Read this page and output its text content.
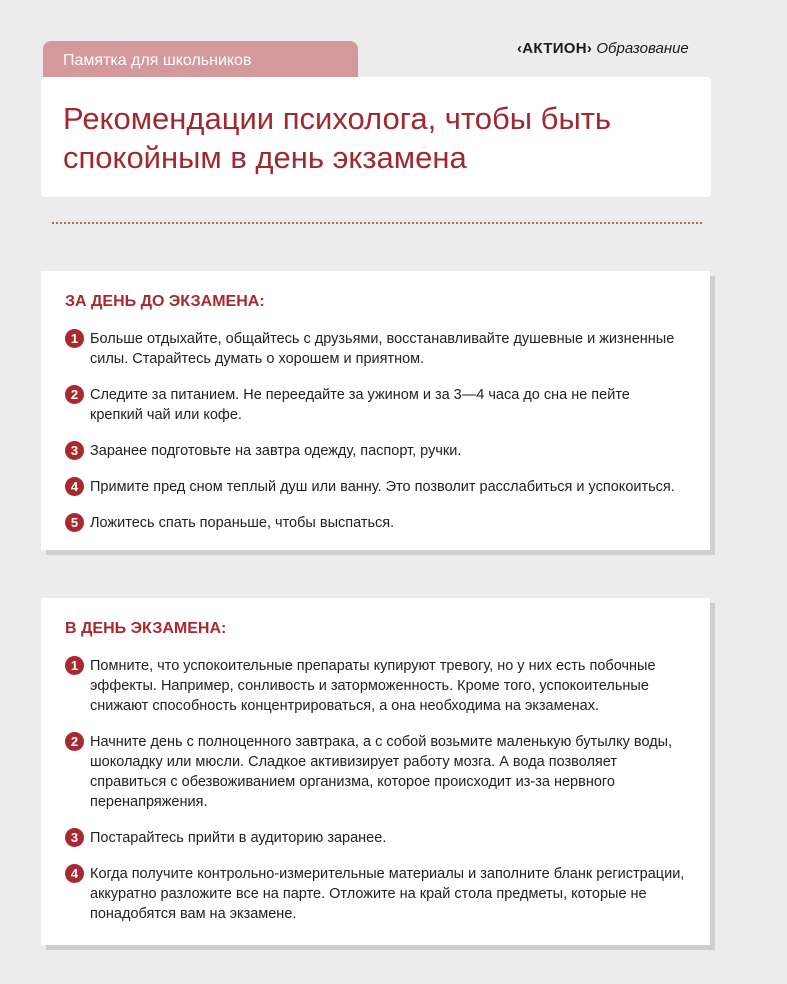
Памятка для школьников
‹АКТИОН› Образование
Рекомендации психолога, чтобы быть спокойным в день экзамена
ЗА ДЕНЬ ДО ЭКЗАМЕНА:
1 Больше отдыхайте, общайтесь с друзьями, восстанавливайте душевные и жизненные силы. Старайтесь думать о хорошем и приятном.
2 Следите за питанием. Не переедайте за ужином и за 3—4 часа до сна не пейте крепкий чай или кофе.
3 Заранее подготовьте на завтра одежду, паспорт, ручки.
4 Примите пред сном теплый душ или ванну. Это позволит расслабиться и успокоиться.
5 Ложитесь спать пораньше, чтобы выспаться.
В ДЕНЬ ЭКЗАМЕНА:
1 Помните, что успокоительные препараты купируют тревогу, но у них есть побочные эффекты. Например, сонливость и заторможенность. Кроме того, успокоительные снижают способность концентрироваться, а она необходима на экзаменах.
2 Начните день с полноценного завтрака, а с собой возьмите маленькую бутылку воды, шоколадку или мюсли. Сладкое активизирует работу мозга. А вода позволяет справиться с обезвоживанием организма, которое происходит из-за нервного перенапряжения.
3 Постарайтесь прийти в аудиторию заранее.
4 Когда получите контрольно-измерительные материалы и заполните бланк регистрации, аккуратно разложите все на парте. Отложите на край стола предметы, которые не понадобятся вам на экзамене.
